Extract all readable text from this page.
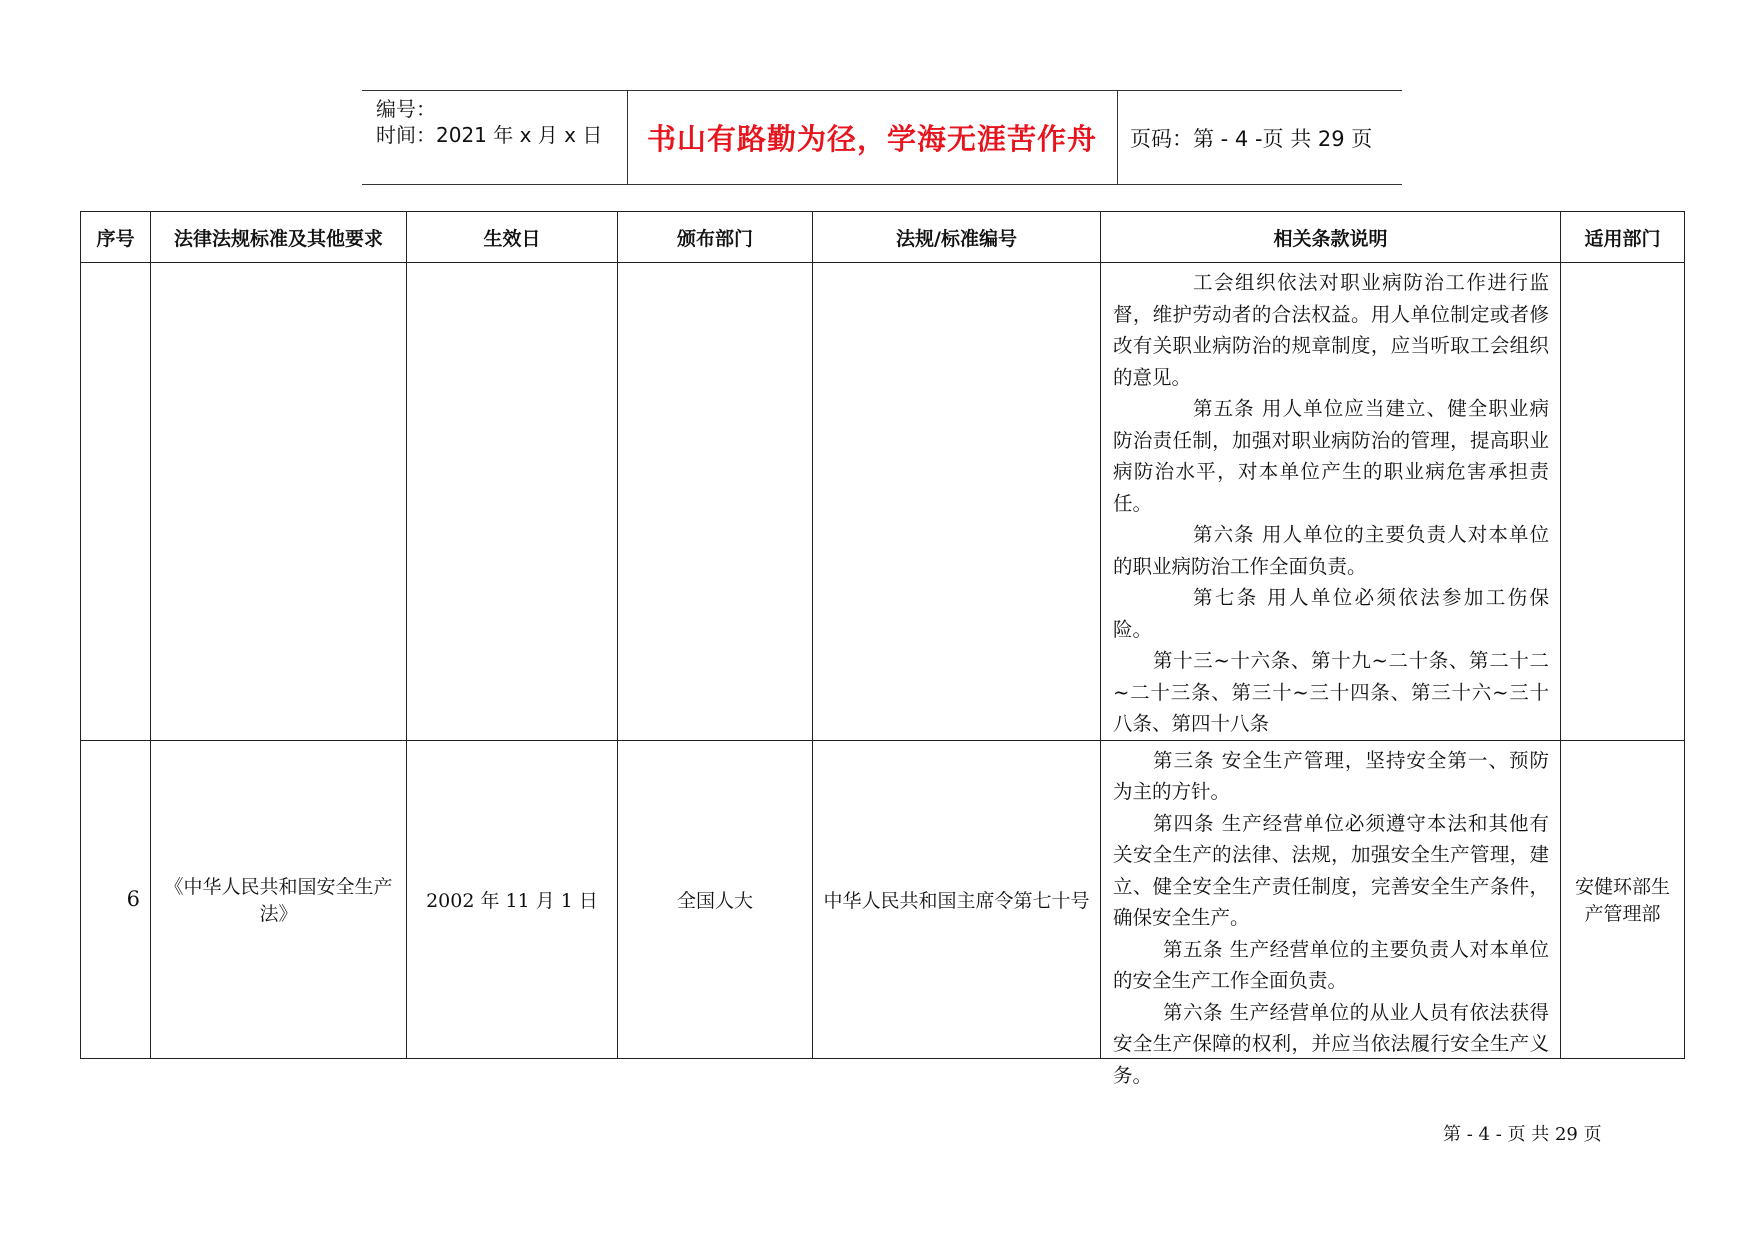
编号：
时间：2021 年 x 月 x 日 书山有路勤为径，学海无涯苦作舟	页码：第 - 4 -页 共 29 页
序号	法律法规标准及其他要求	生效日	颁布部门	法规/标准编号	相关条款说明	适用部门

					工会组织依法对职业病防治工作进行监督，维护劳动者的合法权益。用人单位制定或者修改有关职业病防治的规章制度，应当听取工会组织的意见。

第五条 用人单位应当建立、健全职业病防治责任制，加强对职业病防治的管理，提高职业病防治水平，对本单位产生的职业病危害承担责任。

第六条 用人单位的主要负责人对本单位的职业病防治工作全面负责。

第七条 用人单位必须依法参加工伤保险。

第十三~十六条、第十九~二十条、第二十二~二十三条、第三十~三十四条、第三十六~三十八条、第四十八条	

6	《中华人民共和国安全生产法》	2002 年 11 月 1 日	全国人大	中华人民共和国主席令第七十号	第三条 安全生产管理，坚持安全第一、预防为主的方针。

第四条 生产经营单位必须遵守本法和其他有关安全生产的法律、法规，加强安全生产管理，建立、健全安全生产责任制度，完善安全生产条件，确保安全生产。

第五条 生产经营单位的主要负责人对本单位的安全生产工作全面负责。

第六条 生产经营单位的从业人员有依法获得安全生产保障的权利，并应当依法履行安全生产义务。	安健环部生产管理部
第 - 4 - 页 共 29 页
